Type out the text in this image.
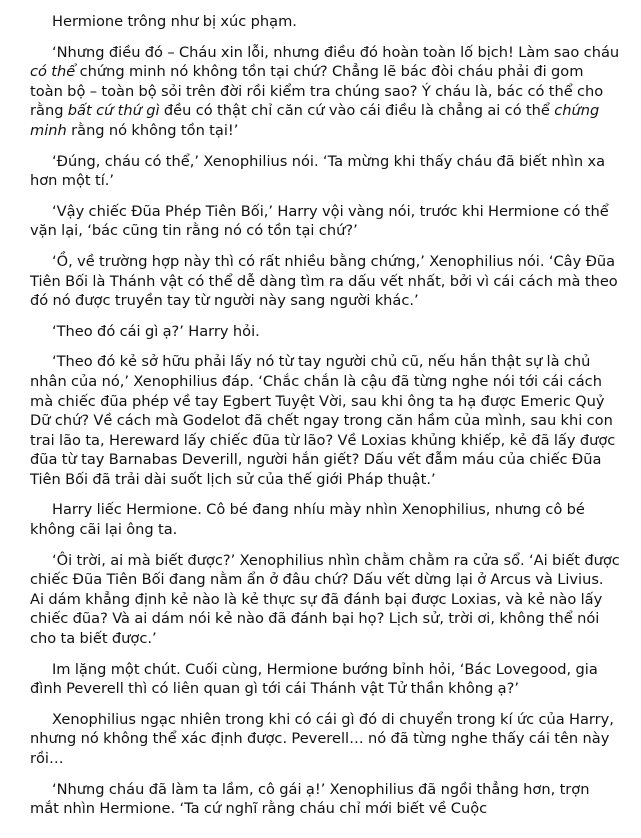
Hermione trông như bị xúc phạm.

‘Nhưng điều đó – Cháu xin lỗi, nhưng điều đó hoàn toàn lố bịch! Làm sao cháu có thể chứng minh nó không tồn tại chứ? Chẳng lẽ bác đòi cháu phải đi gom toàn bộ – toàn bộ sỏi trên đời rồi kiểm tra chúng sao? Ý cháu là, bác có thể cho rằng bất cứ thứ gì đều có thật chỉ căn cứ vào cái điều là chẳng ai có thể chứng minh rằng nó không tồn tại!’

‘Đúng, cháu có thể,’ Xenophilius nói. ‘Ta mừng khi thấy cháu đã biết nhìn xa hơn một tí.’

‘Vậy chiếc Đũa Phép Tiên Bối,’ Harry vội vàng nói, trước khi Hermione có thể vặn lại, ‘bác cũng tin rằng nó có tồn tại chứ?’

‘Ồ, về trường hợp này thì có rất nhiều bằng chứng,’ Xenophilius nói. ‘Cây Đũa Tiên Bối là Thánh vật có thể dễ dàng tìm ra dấu vết nhất, bởi vì cái cách mà theo đó nó được truyền tay từ người này sang người khác.’

‘Theo đó cái gì ạ?’ Harry hỏi.

‘Theo đó kẻ sở hữu phải lấy nó từ tay người chủ cũ, nếu hắn thật sự là chủ nhân của nó,’ Xenophilius đáp. ‘Chắc chắn là cậu đã từng nghe nói tới cái cách mà chiếc đũa phép về tay Egbert Tuyệt Vời, sau khi ông ta hạ được Emeric Quỷ Dữ chứ? Về cách mà Godelot đã chết ngay trong căn hầm của mình, sau khi con trai lão ta, Hereward lấy chiếc đũa từ lão? Về Loxias khủng khiếp, kẻ đã lấy được đũa từ tay Barnabas Deverill, người hắn giết? Dấu vết đẫm máu của chiếc Đũa Tiên Bối đã trải dài suốt lịch sử của thế giới Pháp thuật.’

Harry liếc Hermione. Cô bé đang nhíu mày nhìn Xenophilius, nhưng cô bé không cãi lại ông ta.

‘Ôi trời, ai mà biết được?’ Xenophilius nhìn chằm chằm ra cửa sổ. ‘Ai biết được chiếc Đũa Tiên Bối đang nằm ẩn ở đâu chứ? Dấu vết dừng lại ở Arcus và Livius. Ai dám khẳng định kẻ nào là kẻ thực sự đã đánh bại được Loxias, và kẻ nào lấy chiếc đũa? Và ai dám nói kẻ nào đã đánh bại họ? Lịch sử, trời ơi, không thể nói cho ta biết được.’

Im lặng một chút. Cuối cùng, Hermione bướng bỉnh hỏi, ‘Bác Lovegood, gia đình Peverell thì có liên quan gì tới cái Thánh vật Tử thần không ạ?’

Xenophilius ngạc nhiên trong khi có cái gì đó di chuyển trong kí ức của Harry, nhưng nó không thể xác định được. Peverell… nó đã từng nghe thấy cái tên này rồi…

‘Nhưng cháu đã làm ta lầm, cô gái ạ!’ Xenophilius đã ngồi thẳng hơn, trợn mắt nhìn Hermione. ‘Ta cứ nghĩ rằng cháu chỉ mới biết về Cuộc
